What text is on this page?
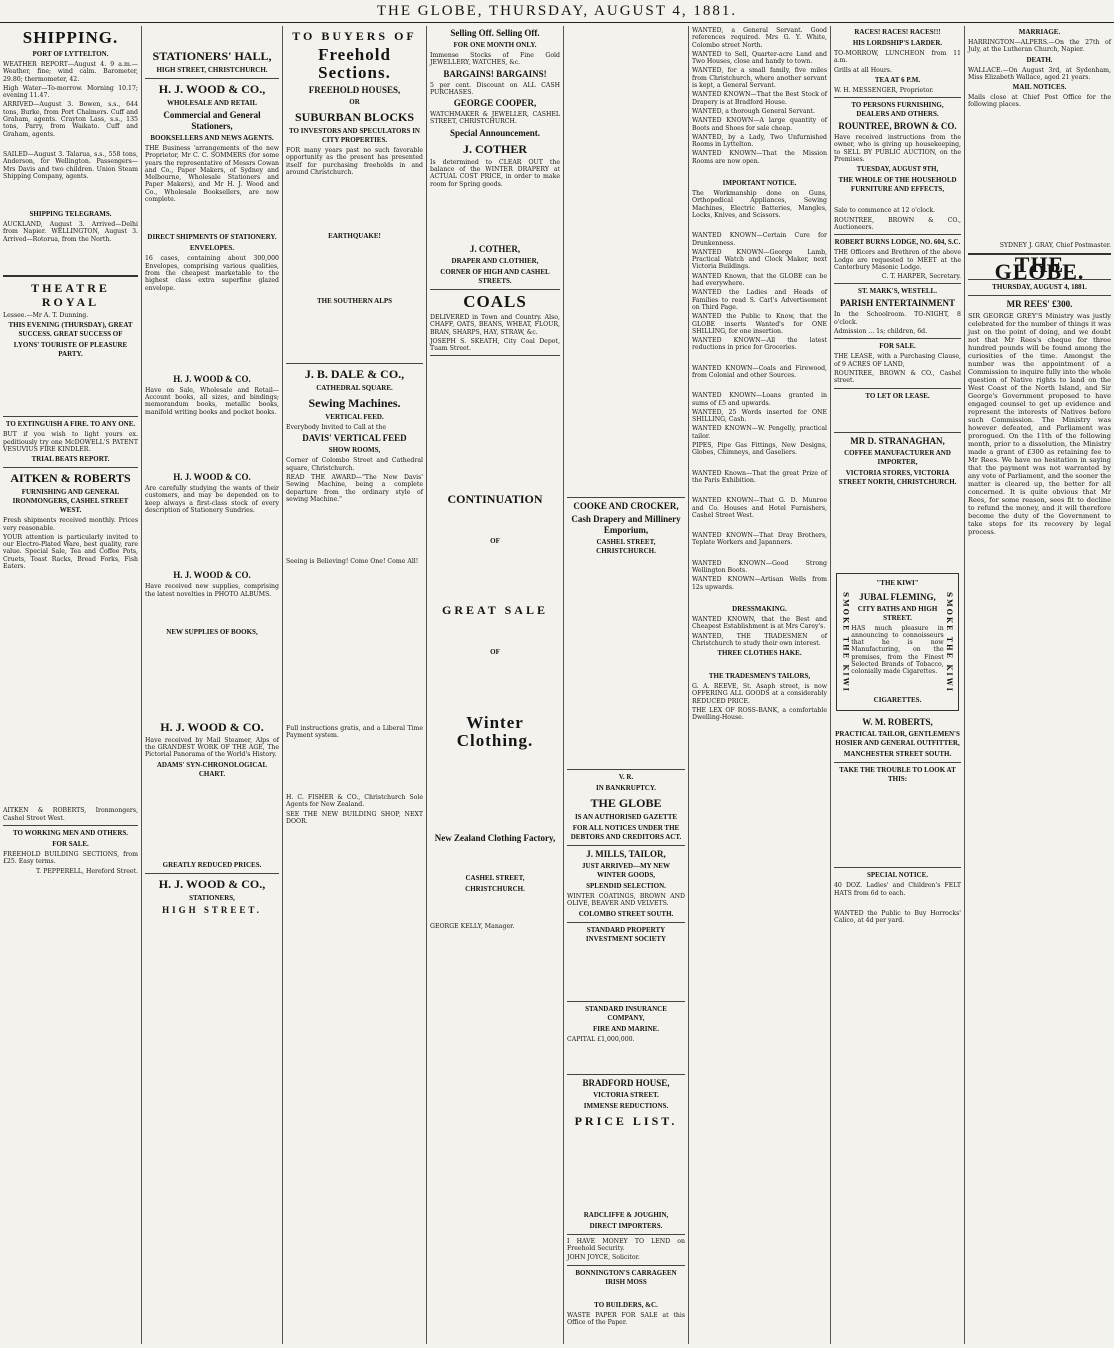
THE GLOBE, THURSDAY, AUGUST 4, 1881.
SHIPPING.
PORT OF LYTTELTON.
WEATHER REPORT—August 4. 9 a.m.—Weather, fine; wind calm. Barometer, 29.80; thermometer, 42.
High Water—To-morrow. Morning 10.17; evening 11.47.
ARRIVED—August 3. Bowen, s.s., 644 tons, Burke, from Port Chalmers. Cuff and Graham, agents. Crayton Lass, s.s., 135 tons, Parry, from Waikato. Cuff and Graham, agents.
SAILED—August 3. Talarua, s.s., 558 tons, Anderson, for Wellington. Passengers—Mrs Davis and two children. Union Steam Shipping Company, agents.
SHIPPING TELEGRAMS.
AUCKLAND, August 3. Arrived—Delhi from Napier. WELLINGTON, August 3. Arrived—Rotorua, from the North.
THEATRE ROYAL
Lessee.—Mr A. T. Dunning.
THIS EVENING (THURSDAY), GREAT SUCCESS. GREAT SUCCESS OF
LYONS' TOURISTE OF PLEASURE PARTY.
TO EXTINGUISH A FIRE. TO ANY ONE.
BUT if you wish to light yours ex. peditiously try one McDOWELL'S PATENT VESUVIUS FIRE KINDLER.
TRIAL BEATS REPORT.
AITKEN & ROBERTS
FURNISHING AND GENERAL IRONMONGERS, CASHEL STREET WEST.
Fresh shipments received monthly. Prices very reasonable.
YOUR attention is particularly invited to our Electro-Plated Ware, best quality, rare value. Special Sale, Tea and Coffee Pots, Cruets, Toast Racks, Bread Forks, Fish Eaters.
AITKEN & ROBERTS, Ironmongers, Cashel Street West.
TO WORKING MEN AND OTHERS.
FOR SALE.
FREEHOLD BUILDING SECTIONS, from £25. Easy terms.
T. PEPPERELL, Hereford Street.
STATIONERS' HALL,
HIGH STREET, CHRISTCHURCH.
H. J. WOOD & CO.,
WHOLESALE AND RETAIL
Commercial and General Stationers,
BOOKSELLERS AND NEWS AGENTS.
THE Business 'arrangements of the new Proprietor, Mr C. C. SOMMERS (for some years the representative of Messrs Cowan and Co., Paper Makers, of Sydney and Melbourne, Wholesale Stationers and Paper Makers), and Mr H. J. Wood and Co., Wholesale Booksellers, are now complete.
DIRECT SHIPMENTS OF STATIONERY.
ENVELOPES.
16 cases, containing about 300,000 Envelopes, comprising various qualities, from the cheapest marketable to the highest class extra superfine glazed envelope.
H. J. WOOD & CO.
Have on Sale, Wholesale and Retail—Account books, all sizes, and bindings; memorandum books, metallic books, manifold writing books and pocket books.
H. J. WOOD & CO.
Are carefully studying the wants of their customers, and may be depended on to keep always a first-class stock of every description of Stationery Sundries.
H. J. WOOD & CO.
Have received new supplies, comprising the latest novelties in PHOTO ALBUMS.
NEW SUPPLIES OF BOOKS,
H. J. WOOD & CO.
Have received by Mail Steamer, Alps of the GRANDEST WORK OF THE AGE, The Pictorial Panorama of the World's History.
ADAMS' SYN-CHRONOLOGICAL CHART.
GREATLY REDUCED PRICES.
H. J. WOOD & CO.,
STATIONERS,
HIGH STREET.
TO BUYERS OF
Freehold Sections.
FREEHOLD HOUSES,
OR
SUBURBAN BLOCKS
TO INVESTORS AND SPECULATORS IN CITY PROPERTIES.
FOR many years past no such favorable opportunity as the present has presented itself for purchasing freeholds in and around Christchurch.
EARTHQUAKE!
THE SOUTHERN ALPS
J. B. DALE & CO.,
CATHEDRAL SQUARE.
Sewing Machines.
VERTICAL FEED.
Everybody Invited to Call at the
DAVIS' VERTICAL FEED
SHOW ROOMS,
Corner of Colombo Street and Cathedral square, Christchurch.
READ THE AWARD—"The New Davis' Sewing Machine, being a complete departure from the ordinary style of sewing Machine."
Seeing is Believing! Come One! Come All!
Full instructions gratis, and a Liberal Time Payment system.
H. C. FISHER & CO., Christchurch Sole Agents for New Zealand.
SEE THE NEW BUILDING SHOP, NEXT DOOR.
Selling Off. Selling Off.
FOR ONE MONTH ONLY.
Immense Stocks of Fine Gold JEWELLERY, WATCHES, &c.
BARGAINS! BARGAINS!
5 per cent. Discount on ALL CASH PURCHASES.
GEORGE COOPER,
WATCHMAKER & JEWELLER, CASHEL STREET, CHRISTCHURCH.
Special Announcement.
J. COTHER
Is determined to CLEAR OUT the balance of the WINTER DRAPERY at ACTUAL COST PRICE, in order to make room for Spring goods.
J. COTHER,
DRAPER AND CLOTHIER,
CORNER OF HIGH AND CASHEL STREETS.
COALS
DELIVERED in Town and Country. Also, CHAFF, OATS, BEANS, WHEAT, FLOUR, BRAN, SHARPS, HAY, STRAW, &c.
JOSEPH S. SKEATH, City Coal Depot, Tuam Street.
CONTINUATION
OF
GREAT SALE
OF
Winter Clothing.
New Zealand Clothing Factory,
CASHEL STREET,
CHRISTCHURCH.
GEORGE KELLY, Manager.
COOKE AND CROCKER,
Cash Drapery and Millinery Emporium,
CASHEL STREET, CHRISTCHURCH.
V. R.
IN BANKRUPTCY.
THE GLOBE
IS AN AUTHORISED GAZETTE
FOR ALL NOTICES UNDER THE DEBTORS AND CREDITORS ACT.
J. MILLS, TAILOR,
JUST ARRIVED—MY NEW WINTER GOODS,
SPLENDID SELECTION.
WINTER COATINGS, BROWN AND OLIVE, BEAVER AND VELVETS.
COLOMBO STREET SOUTH.
STANDARD PROPERTY INVESTMENT SOCIETY
STANDARD INSURANCE COMPANY,
FIRE AND MARINE.
CAPITAL £1,000,000.
BRADFORD HOUSE,
VICTORIA STREET.
IMMENSE REDUCTIONS.
PRICE LIST.
RADCLIFFE & JOUGHIN,
DIRECT IMPORTERS.
I HAVE MONEY TO LEND on Freehold Security.
JOHN JOYCE, Solicitor.
BONNINGTON'S CARRAGEEN IRISH MOSS
TO BUILDERS, &C.
WASTE PAPER FOR SALE at this Office of the Paper.
WANTED, a General Servant. Good references required. Mrs G. Y. White, Colombo street North.
WANTED to Sell, Quarter-acre Land and Two Houses, close and handy to town.
WANTED, for a small family, five miles from Christchurch, where another servant is kept, a General Servant.
WANTED KNOWN—That the Best Stock of Drapery is at Bradford House.
WANTED, a thorough General Servant.
WANTED KNOWN—A large quantity of Boots and Shoes for sale cheap.
WANTED, by a Lady, Two Unfurnished Rooms in Lyttelton.
WANTED KNOWN—That the Mission Rooms are now open.
IMPORTANT NOTICE.
The Workmanship done on Guns, Orthopedical Appliances, Sewing Machines, Electric Batteries, Mangles, Locks, Knives, and Scissors.
WANTED KNOWN—Certain Cure for Drunkenness.
WANTED KNOWN—George Lamb, Practical Watch and Clock Maker, next Victoria Buildings.
WANTED Known, that the GLOBE can be had everywhere.
WANTED the Ladies and Heads of Families to read S. Carl's Advertisement on Third Page.
WANTED the Public to Know, that the GLOBE inserts Wanted's for ONE SHILLING, for one insertion.
WANTED KNOWN—All the latest reductions in price for Groceries.
WANTED KNOWN—Coals and Firewood, from Colonial and other Sources.
WANTED KNOWN—Loans granted in sums of £5 and upwards.
WANTED, 25 Words inserted for ONE SHILLING, Cash.
WANTED KNOWN—W. Pengelly, practical tailor.
PIPES, Pipe Gas Fittings, New Designs, Globes, Chimneys, and Gaseliers.
WANTED Known—That the great Prize of the Paris Exhibition.
WANTED KNOWN—That G. D. Munroe and Co. Houses and Hotel Furnishers, Cashel Street West.
WANTED KNOWN—That Dray Brothers, Teplate Workers and Japanners.
WANTED KNOWN—Good Strong Wellington Boots.
WANTED KNOWN—Artisan Wells from 12s upwards.
DRESSMAKING.
WANTED KNOWN, that the Best and Cheapest Establishment is at Mrs Carey's.
WANTED, THE TRADESMEN of Christchurch to study their own interest.
THREE CLOTHES HAKE.
THE TRADESMEN'S TAILORS,
G. A. REEVE, St. Asaph street, is now OFFERING ALL GOODS at a considerably REDUCED PRICE.
THE LEX OF ROSS-BANK, a comfortable Dwelling-House.
RACES! RACES! RACES!!!
HIS LORDSHIP'S LARDER.
TO-MORROW, LUNCHEON from 11 a.m.
Grills at all Hours.
TEA AT 6 P.M.
W. H. MESSENGER, Proprietor.
TO PERSONS FURNISHING, DEALERS AND OTHERS.
ROUNTREE, BROWN & CO.
Have received instructions from the owner, who is giving up housekeeping, to SELL BY PUBLIC AUCTION, on the Premises.
TUESDAY, AUGUST 9TH,
THE WHOLE OF THE HOUSEHOLD FURNITURE AND EFFECTS,
Sale to commence at 12 o'clock.
ROUNTREE, BROWN & CO., Auctioneers.
ROBERT BURNS LODGE, NO. 604, S.C.
THE Officers and Brethren of the above Lodge are requested to MEET at the Canterbury Masonic Lodge.
C. T. HARPER, Secretary.
ST. MARK'S, WESTELL.
PARISH ENTERTAINMENT
In the Schoolroom. TO-NIGHT, 8 o'clock.
Admission ... 1s; children, 6d.
FOR SALE.
THE LEASE, with a Purchasing Clause, of 9 ACRES OF LAND,
ROUNTREE, BROWN & CO., Cashel street.
TO LET OR LEASE.
MR D. STRANAGHAN,
COFFEE MANUFACTURER AND IMPORTER,
VICTORIA STORES, VICTORIA STREET NORTH, CHRISTCHURCH.
"THE KIWI"
SMOKE THE KIWI JUBAL FLEMING,
CITY BATHS AND HIGH STREET.
HAS much pleasure in announcing to connoisseurs that he is now Manufacturing, on the premises, from the Finest Selected Brands of Tobacco, colonially made Cigarettes.	SMOKE THE KIWI
CIGARETTES.
W. M. ROBERTS,
PRACTICAL TAILOR, GENTLEMEN'S HOSIER AND GENERAL OUTFITTER,
MANCHESTER STREET SOUTH.
TAKE THE TROUBLE TO LOOK AT THIS:
SPECIAL NOTICE.
40 DOZ. Ladies' and Children's FELT HATS from 6d to each.
WANTED the Public to Buy Horrocks' Calico, at 4d per yard.
MARRIAGE.
HARRINGTON—ALPERS.—On the 27th of July, at the Lutheran Church, Napier.
DEATH.
WALLACE.—On August 3rd, at Sydenham, Miss Elizabeth Wallace, aged 21 years.
MAIL NOTICES.
Mails close at Chief Post Office for the following places.
SYDNEY J. GRAY, Chief Postmaster.
THE GLOBE.
THURSDAY, AUGUST 4, 1881.
MR REES' £300.
SIR GEORGE GREY'S Ministry was justly celebrated for the number of things it was just on the point of doing, and we doubt not that Mr Rees's cheque for three hundred pounds will be found among the curiosities of the time. Amongst the number was the appointment of a Commission to inquire fully into the whole question of Native rights to land on the West Coast of the North Island, and Sir George's Government proposed to have engaged counsel to get up evidence and represent the interests of Natives before such Commission. The Ministry was however defeated, and Parliament was prorogued. On the 11th of the following month, prior to a dissolution, the Ministry made a grant of £300 as retaining fee to Mr Rees. We have no hesitation in saying that the payment was not warranted by any vote of Parliament, and the sooner the matter is cleared up, the better for all concerned. It is quite obvious that Mr Rees, for some reason, sees fit to decline to refund the money, and it will therefore become the duty of the Government to take steps for its recovery by legal process.
